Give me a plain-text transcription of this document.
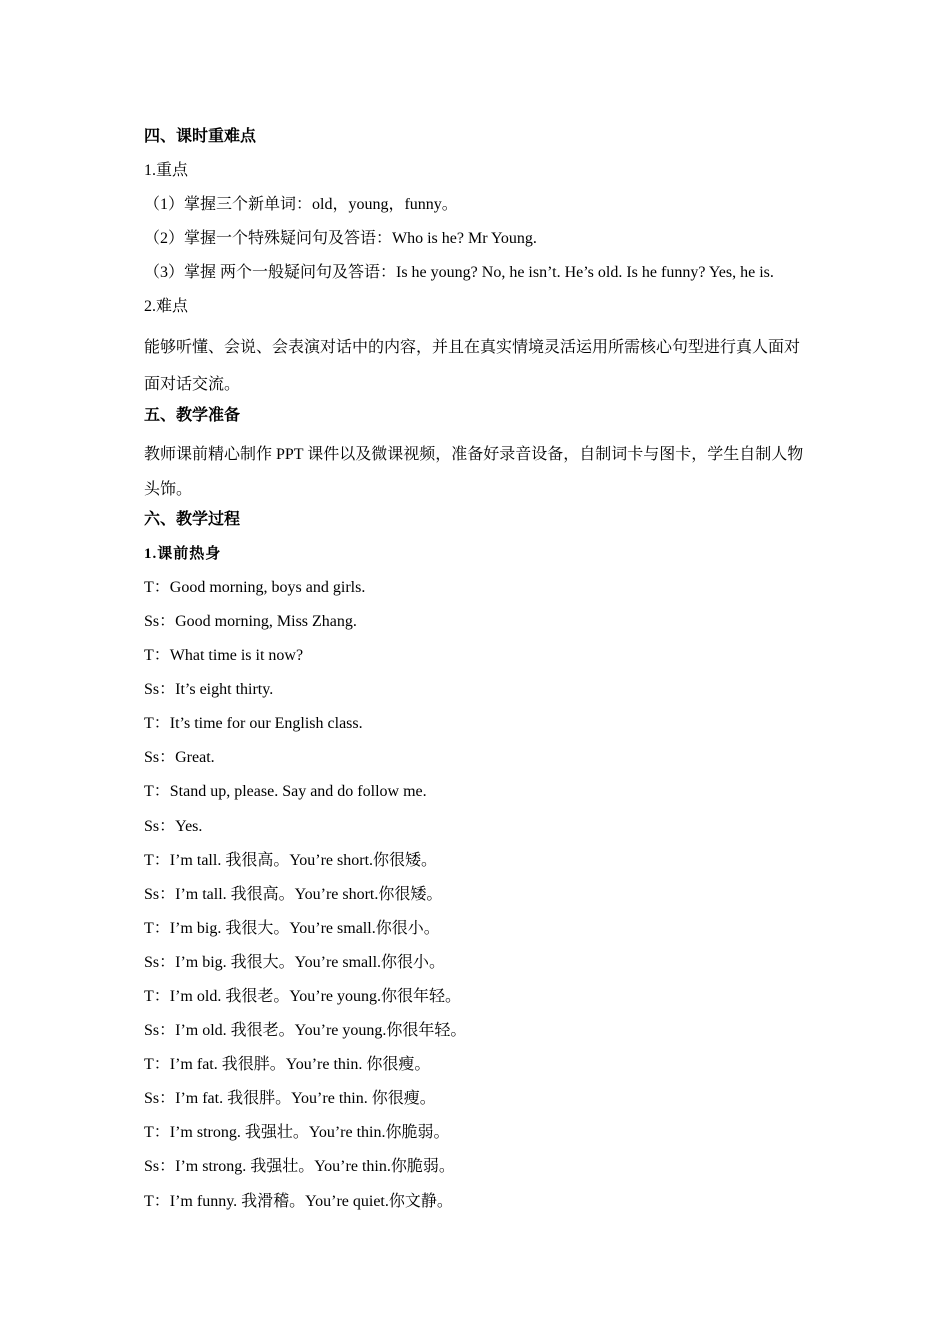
四、课时重难点
1.重点
（1）掌握三个新单词：old，young，funny。
（2）掌握一个特殊疑问句及答语：Who is he? Mr Young.
（3）掌握 两个一般疑问句及答语：Is he young? No, he isn’t. He’s old. Is he funny? Yes, he is.
2.难点
能够听懂、会说、会表演对话中的内容，并且在真实情境灵活运用所需核心句型进行真人面对面对话交流。
五、教学准备
教师课前精心制作 PPT 课件以及微课视频，准备好录音设备，自制词卡与图卡，学生自制人物头饰。
六、教学过程
1.课前热身
T：Good morning, boys and girls.
Ss：Good morning, Miss Zhang.
T：What time is it now?
Ss：It’s eight thirty.
T：It’s time for our English class.
Ss：Great.
T：Stand up, please. Say and do follow me.
Ss：Yes.
T：I’m tall. 我很高。You’re short.你很矮。
Ss：I’m tall. 我很高。You’re short.你很矮。
T：I’m big. 我很大。You’re small.你很小。
Ss：I’m big. 我很大。You’re small.你很小。
T：I’m old. 我很老。You’re young.你很年轻。
Ss：I’m old. 我很老。You’re young.你很年轻。
T：I’m fat. 我很胖。You’re thin. 你很瘦。
Ss：I’m fat. 我很胖。You’re thin. 你很瘦。
T：I’m strong. 我强壮。You’re thin.你脆弱。
Ss：I’m strong. 我强壮。You’re thin.你脆弱。
T：I’m funny. 我滑稽。You’re quiet.你文静。
